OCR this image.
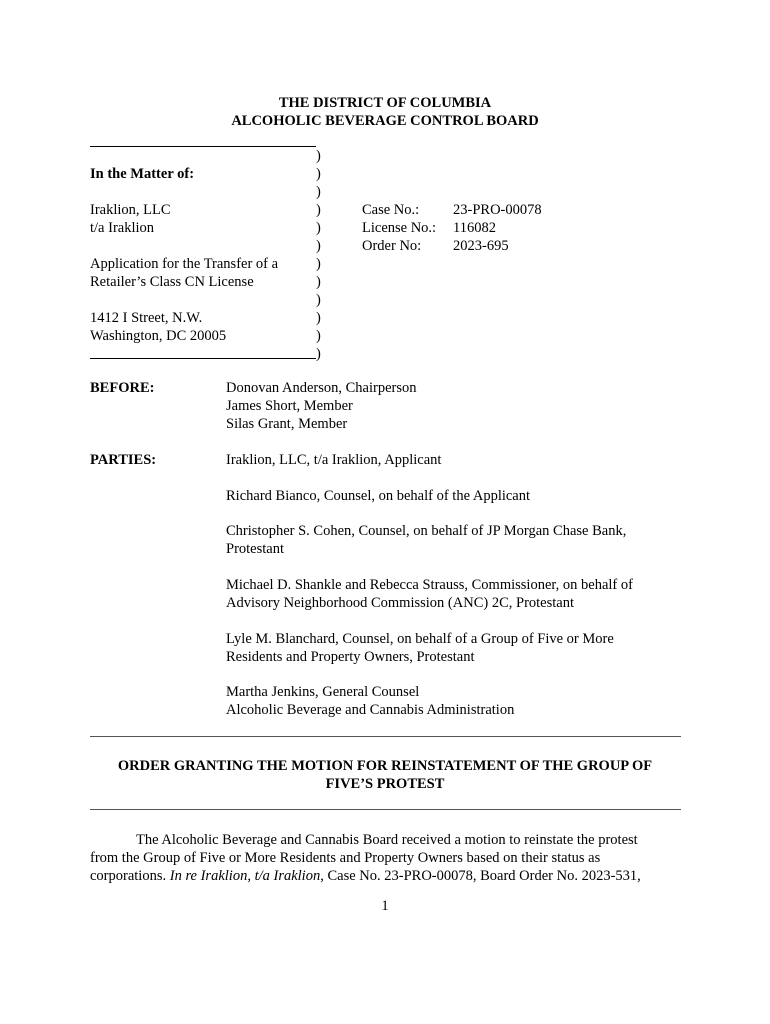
THE DISTRICT OF COLUMBIA
ALCOHOLIC BEVERAGE CONTROL BOARD
In the Matter of:
Iraklion, LLC
t/a Iraklion
Application for the Transfer of a
Retailer’s Class CN License
1412 I Street, N.W.
Washington, DC 20005
)
)
)
)
)
)
)
)
)
)
)
)
Case No.: 23-PRO-00078
License No.: 116082
Order No: 2023-695
BEFORE:	Donovan Anderson, Chairperson
James Short, Member
Silas Grant, Member
PARTIES:	Iraklion, LLC, t/a Iraklion, Applicant
Richard Bianco, Counsel, on behalf of the Applicant
Christopher S. Cohen, Counsel, on behalf of JP Morgan Chase Bank,
Protestant
Michael D. Shankle and Rebecca Strauss, Commissioner, on behalf of
Advisory Neighborhood Commission (ANC) 2C, Protestant
Lyle M. Blanchard, Counsel, on behalf of a Group of Five or More
Residents and Property Owners, Protestant
Martha Jenkins, General Counsel
Alcoholic Beverage and Cannabis Administration
ORDER GRANTING THE MOTION FOR REINSTATEMENT OF THE GROUP OF
FIVE’S PROTEST
The Alcoholic Beverage and Cannabis Board received a motion to reinstate the protest
from the Group of Five or More Residents and Property Owners based on their status as
corporations. In re Iraklion, t/a Iraklion, Case No. 23-PRO-00078, Board Order No. 2023-531,
1
